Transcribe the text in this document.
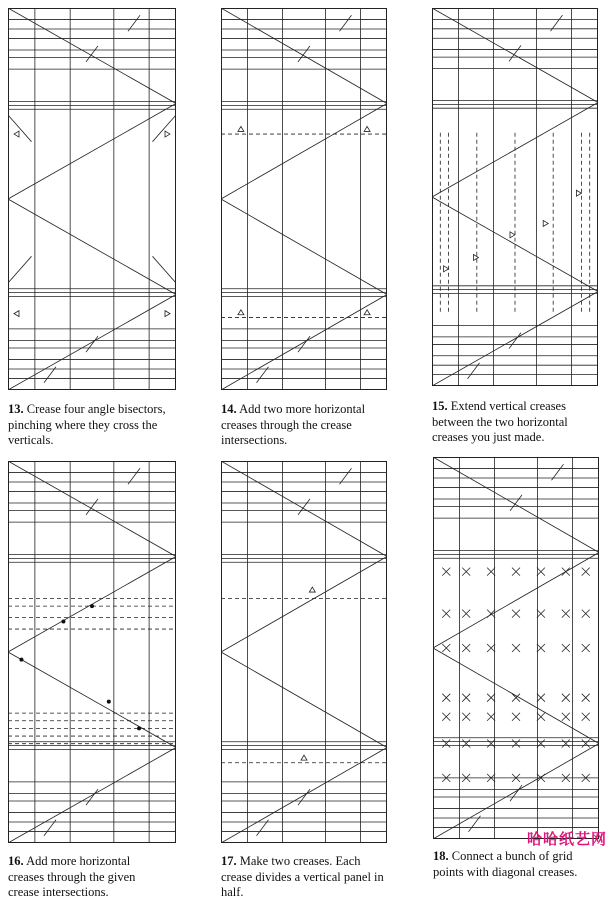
13. Crease four angle bisectors, pinching where they cross the verticals.
14. Add two more horizontal creases through the crease intersections.
15. Extend vertical creases between the two horizontal creases you just made.
16. Add more horizontal creases through the given crease intersections.
17. Make two creases. Each crease divides a vertical panel in half.
18. Connect a bunch of grid points with diagonal creases.
哈哈纸艺网
